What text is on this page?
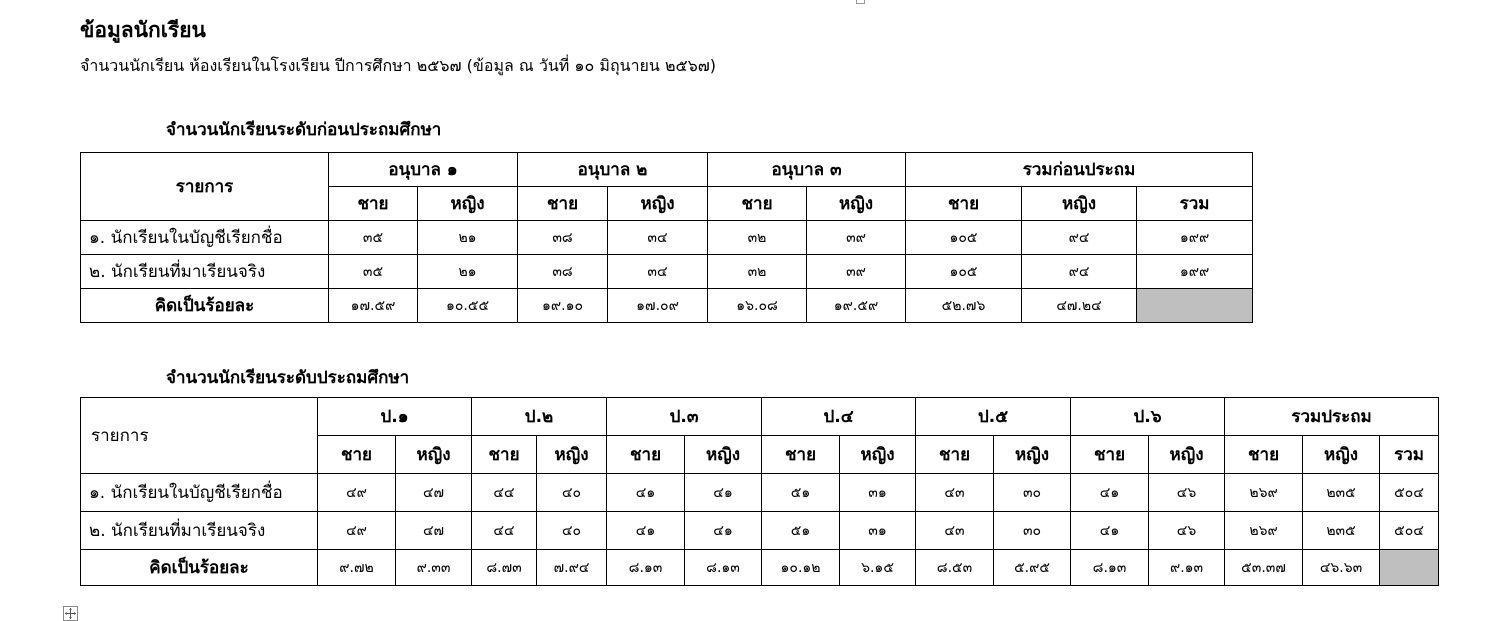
ข้อมูลนักเรียน

จำนวนนักเรียน ห้องเรียนในโรงเรียน ปีการศึกษา ๒๕๖๗ (ข้อมูล ณ วันที่ ๑๐ มิถุนายน ๒๕๖๗)

จำนวนนักเรียนระดับก่อนประถมศึกษา
รายการ	อนุบาล ๑		อนุบาล ๒		อนุบาล ๓		รวมก่อนประถม		
	ชาย	หญิง	ชาย	หญิง	ชาย	หญิง	ชาย	หญิง	รวม
๑. นักเรียนในบัญชีเรียกชื่อ	๓๕	๒๑	๓๘	๓๔	๓๒	๓๙	๑๐๕	๙๔	๑๙๙
๒. นักเรียนที่มาเรียนจริง	๓๕	๒๑	๓๘	๓๔	๓๒	๓๙	๑๐๕	๙๔	๑๙๙
คิดเป็นร้อยละ	๑๗.๕๙	๑๐.๕๕	๑๙.๑๐	๑๗.๐๙	๑๖.๐๘	๑๙.๕๙	๕๒.๗๖	๔๗.๒๔	
จำนวนนักเรียนระดับประถมศึกษา
รายการ	ป.๑		ป.๒		ป.๓		ป.๔		ป.๕		ป.๖		รวมประถม		
	ชาย	หญิง	ชาย	หญิง	ชาย	หญิง	ชาย	หญิง	ชาย	หญิง	ชาย	หญิง	ชาย	หญิง	รวม
๑. นักเรียนในบัญชีเรียกชื่อ	๔๙	๔๗	๔๔	๔๐	๔๑	๔๑	๕๑	๓๑	๔๓	๓๐	๔๑	๔๖	๒๖๙	๒๓๕	๕๐๔
๒. นักเรียนที่มาเรียนจริง	๔๙	๔๗	๔๔	๔๐	๔๑	๔๑	๕๑	๓๑	๔๓	๓๐	๔๑	๔๖	๒๖๙	๒๓๕	๕๐๔
คิดเป็นร้อยละ	๙.๗๒	๙.๓๓	๘.๗๓	๗.๙๔	๘.๑๓	๘.๑๓	๑๐.๑๒	๖.๑๕	๘.๕๓	๕.๙๕	๘.๑๓	๙.๑๓	๕๓.๓๗	๔๖.๖๓	
